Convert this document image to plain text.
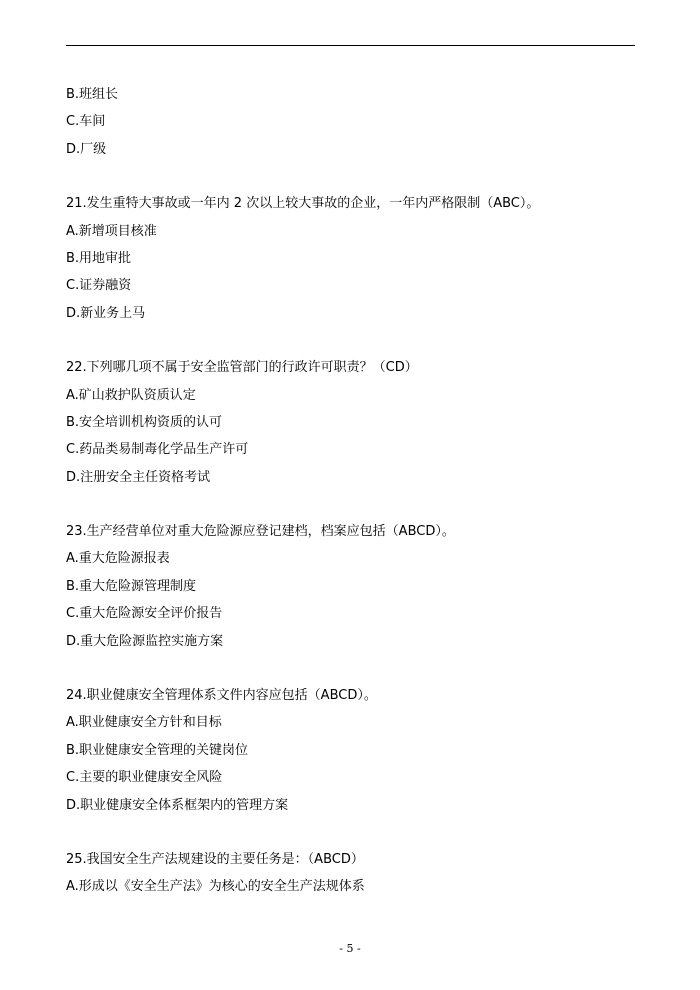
B.班组长
C.车间
D.厂级
21.发生重特大事故或一年内 2 次以上较大事故的企业，一年内严格限制（ABC）。
A.新增项目核准
B.用地审批
C.证券融资
D.新业务上马
22.下列哪几项不属于安全监管部门的行政许可职责？（CD）
A.矿山救护队资质认定
B.安全培训机构资质的认可
C.药品类易制毒化学品生产许可
D.注册安全主任资格考试
23.生产经营单位对重大危险源应登记建档，档案应包括（ABCD）。
A.重大危险源报表
B.重大危险源管理制度
C.重大危险源安全评价报告
D.重大危险源监控实施方案
24.职业健康安全管理体系文件内容应包括（ABCD）。
A.职业健康安全方针和目标
B.职业健康安全管理的关键岗位
C.主要的职业健康安全风险
D.职业健康安全体系框架内的管理方案
25.我国安全生产法规建设的主要任务是：（ABCD）
A.形成以《安全生产法》为核心的安全生产法规体系
- 5 -
